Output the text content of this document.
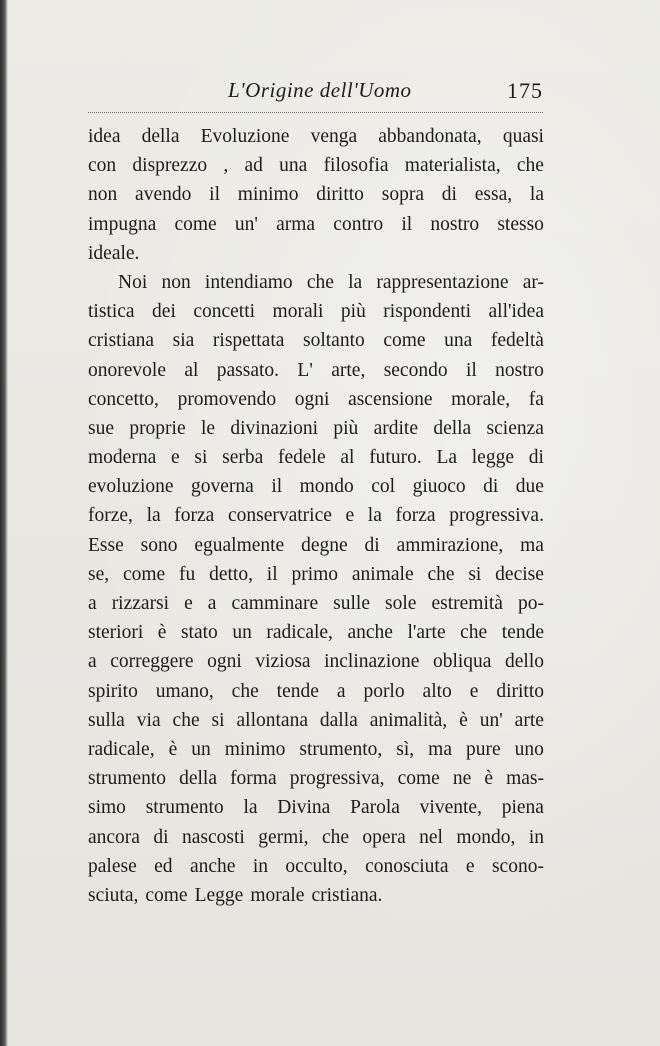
L'Origine dell'Uomo	175
idea della Evoluzione venga abbandonata, quasi
con disprezzo , ad una filosofia materialista, che
non avendo il minimo diritto sopra di essa, la
impugna come un' arma contro il nostro stesso
ideale.
Noi non intendiamo che la rappresentazione ar-
tistica dei concetti morali più rispondenti all'idea
cristiana sia rispettata soltanto come una fedeltà
onorevole al passato. L' arte, secondo il nostro
concetto, promovendo ogni ascensione morale, fa
sue proprie le divinazioni più ardite della scienza
moderna e si serba fedele al futuro. La legge di
evoluzione governa il mondo col giuoco di due
forze, la forza conservatrice e la forza progressiva.
Esse sono egualmente degne di ammirazione, ma
se, come fu detto, il primo animale che si decise
a rizzarsi e a camminare sulle sole estremità po-
steriori è stato un radicale, anche l'arte che tende
a correggere ogni viziosa inclinazione obliqua dello
spirito umano, che tende a porlo alto e diritto
sulla via che si allontana dalla animalità, è un' arte
radicale, è un minimo strumento, sì, ma pure uno
strumento della forma progressiva, come ne è mas-
simo strumento la Divina Parola vivente, piena
ancora di nascosti germi, che opera nel mondo, in
palese ed anche in occulto, conosciuta e scono-
sciuta, come Legge morale cristiana.
